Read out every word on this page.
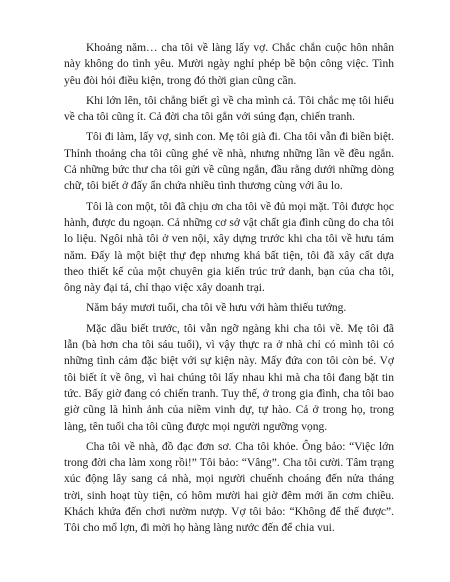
Khoảng năm… cha tôi về làng lấy vợ. Chắc chắn cuộc hôn nhân này không do tình yêu. Mười ngày nghỉ phép bề bộn công việc. Tình yêu đòi hỏi điều kiện, trong đó thời gian cũng cần.

Khi lớn lên, tôi chẳng biết gì về cha mình cả. Tôi chắc mẹ tôi hiểu về cha tôi cũng ít. Cả đời cha tôi gắn với súng đạn, chiến tranh.

Tôi đi làm, lấy vợ, sinh con. Mẹ tôi già đi. Cha tôi vẫn đi biền biệt. Thỉnh thoảng cha tôi cũng ghé về nhà, nhưng những lần về đều ngắn. Cả những bức thư cha tôi gửi về cũng ngắn, đầu rằng dưới những dòng chữ, tôi biết ở đấy ẩn chứa nhiều tình thương cùng với âu lo.

Tôi là con một, tôi đã chịu ơn cha tôi về đủ mọi mặt. Tôi được học hành, được du ngoạn. Cả những cơ sở vật chất gia đình cũng do cha tôi lo liệu. Ngôi nhà tôi ở ven nội, xây dựng trước khi cha tôi về hưu tám năm. Đấy là một biệt thự đẹp nhưng khá bất tiện, tôi đã xây cất dựa theo thiết kế của một chuyên gia kiến trúc trứ danh, bạn của cha tôi, ông này đại tá, chỉ thạo việc xây doanh trại.

Năm bảy mươi tuổi, cha tôi về hưu với hàm thiếu tướng.

Mặc dầu biết trước, tôi vẫn ngỡ ngàng khi cha tôi về. Mẹ tôi đã lẫn (bà hơn cha tôi sáu tuổi), vì vậy thực ra ở nhà chỉ có mình tôi có những tình cảm đặc biệt với sự kiện này. Mấy đứa con tôi còn bé. Vợ tôi biết ít về ông, vì hai chúng tôi lấy nhau khi mà cha tôi đang bặt tin tức. Bấy giờ đang có chiến tranh. Tuy thế, ở trong gia đình, cha tôi bao giờ cũng là hình ảnh của niềm vinh dự, tự hào. Cả ở trong họ, trong làng, tên tuổi cha tôi cũng được mọi người ngưỡng vọng.

Cha tôi về nhà, đồ đạc đơn sơ. Cha tôi khỏe. Ông bảo: “Việc lớn trong đời cha làm xong rồi!” Tôi bảo: “Vâng”. Cha tôi cười. Tâm trạng xúc động lây sang cả nhà, mọi người chuếnh choáng đến nửa tháng trời, sinh hoạt tùy tiện, có hôm mười hai giờ đêm mới ăn cơm chiều. Khách khứa đến chơi nườm nượp. Vợ tôi bảo: “Không để thế được”. Tôi cho mổ lợn, đi mời họ hàng làng nước đến để chia vui.
